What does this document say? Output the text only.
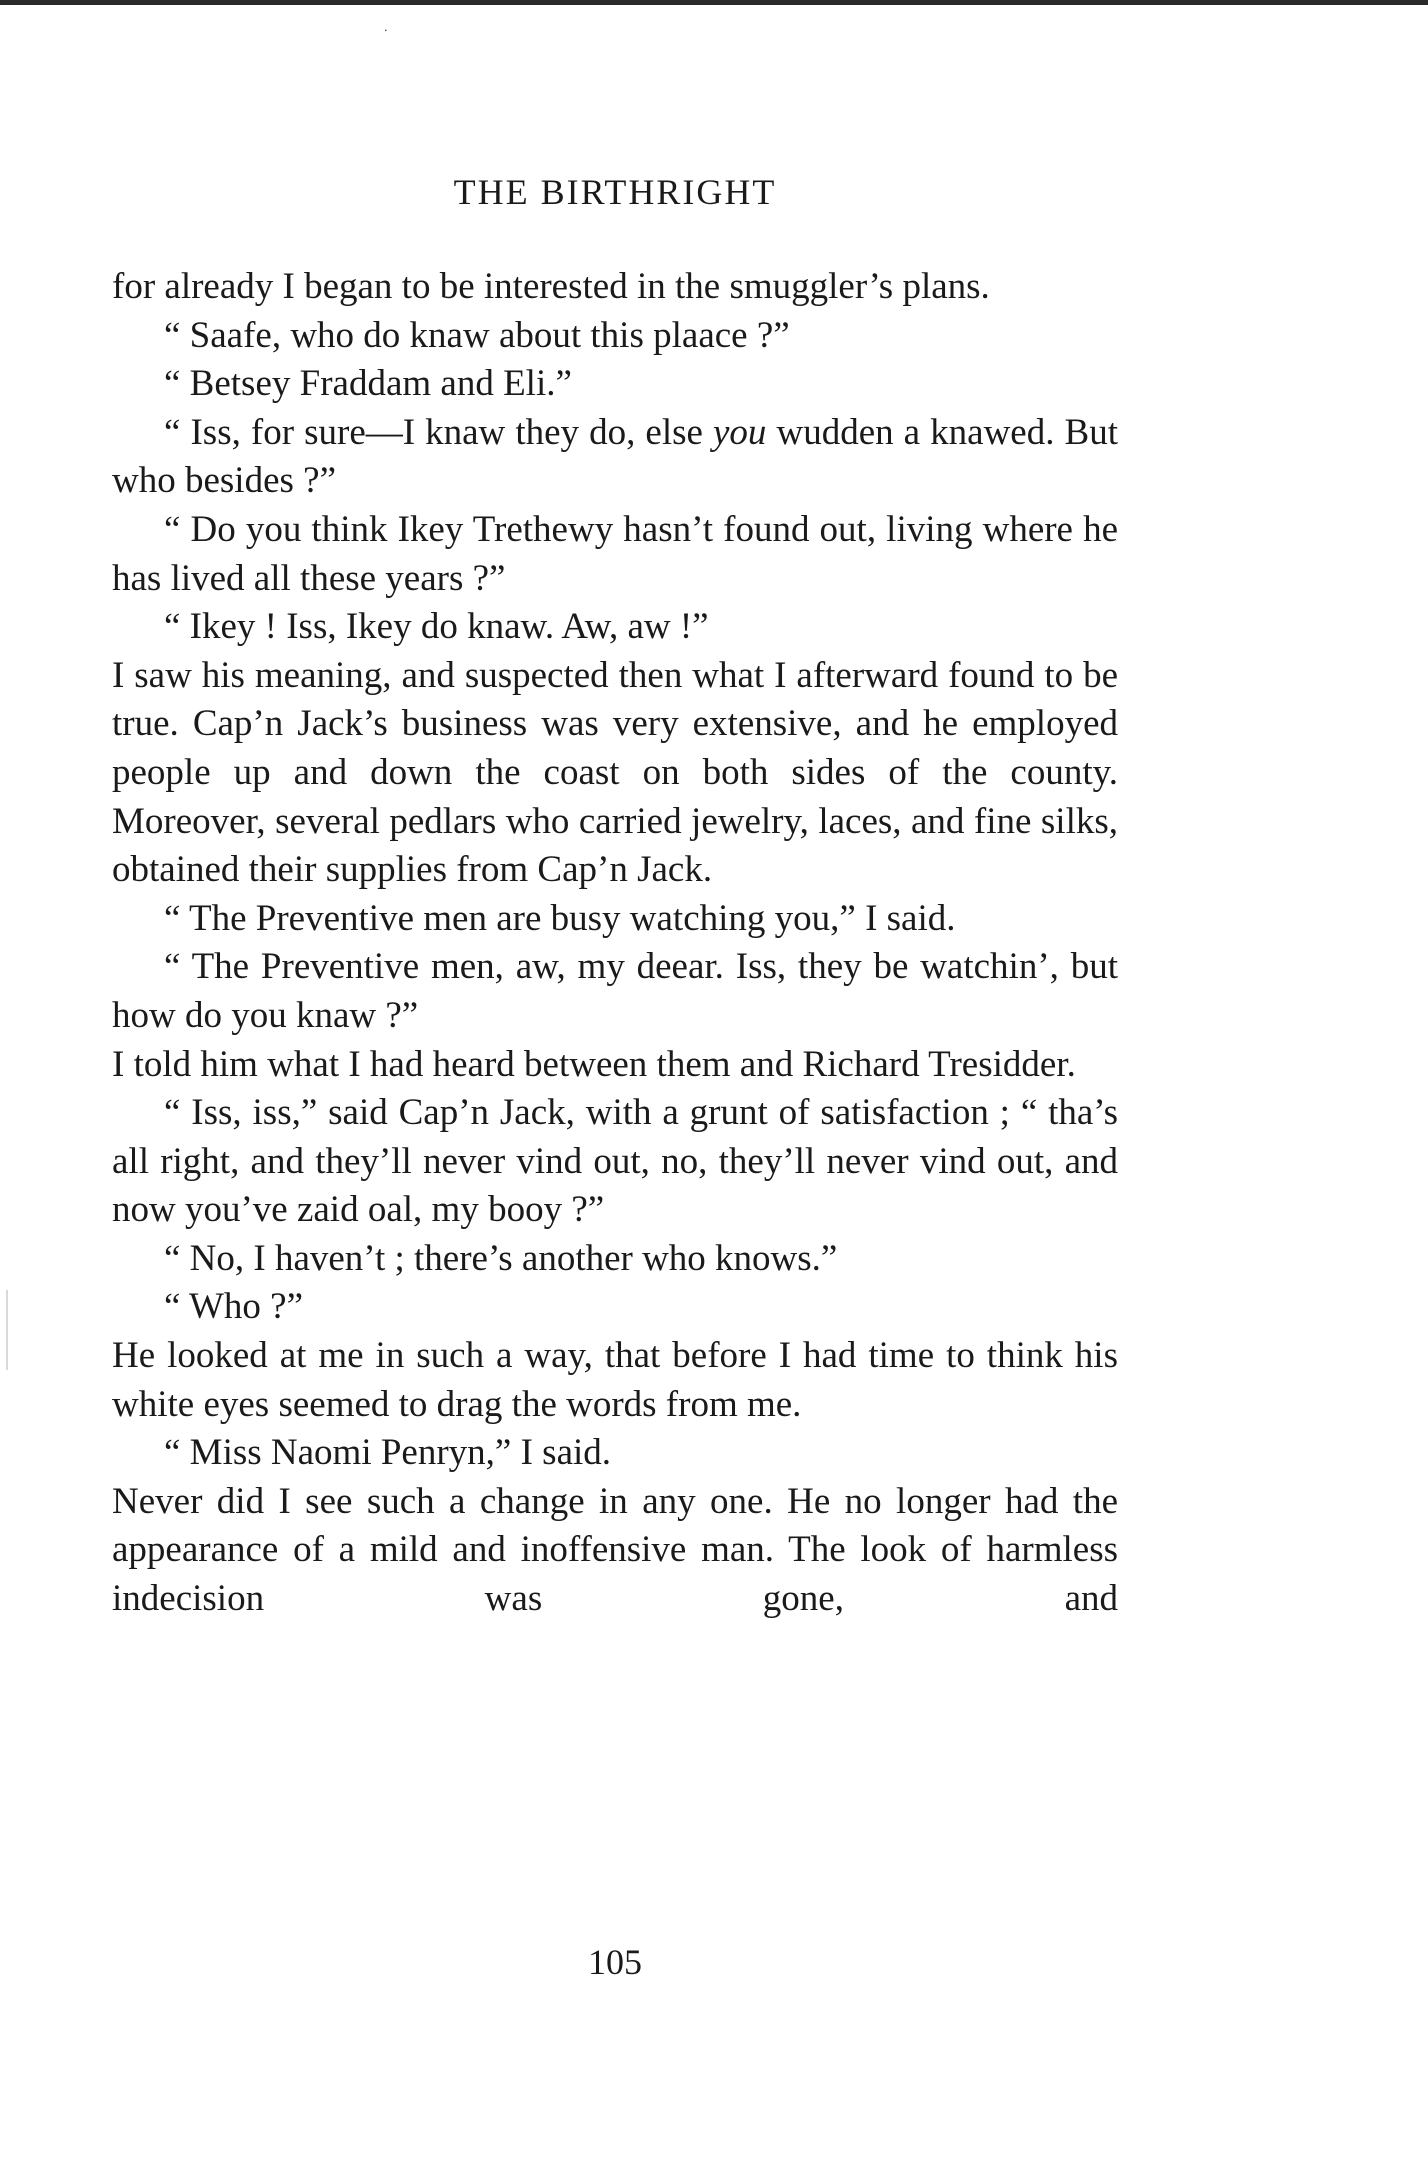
∙
THE BIRTHRIGHT

for already I began to be interested in the smuggler’s plans.

“ Saafe, who do knaw about this plaace ?”

“ Betsey Fraddam and Eli.”

“ Iss, for sure—I knaw they do, else you wudden a knawed. But who besides ?”

“ Do you think Ikey Trethewy hasn’t found out, living where he has lived all these years ?”

“ Ikey ! Iss, Ikey do knaw. Aw, aw !”

I saw his meaning, and suspected then what I afterward found to be true. Cap’n Jack’s business was very extensive, and he employed people up and down the coast on both sides of the county. Moreover, several pedlars who carried jewelry, laces, and fine silks, obtained their supplies from Cap’n Jack.

“ The Preventive men are busy watching you,” I said.

“ The Preventive men, aw, my deear. Iss, they be watchin’, but how do you knaw ?”

I told him what I had heard between them and Richard Tresidder.

“ Iss, iss,” said Cap’n Jack, with a grunt of satisfaction ; “ tha’s all right, and they’ll never vind out, no, they’ll never vind out, and now you’ve zaid oal, my booy ?”

“ No, I haven’t ; there’s another who knows.”

“ Who ?”

He looked at me in such a way, that before I had time to think his white eyes seemed to drag the words from me.

“ Miss Naomi Penryn,” I said.

Never did I see such a change in any one. He no longer had the appearance of a mild and inoffensive man. The look of harmless indecision was gone, and

105
